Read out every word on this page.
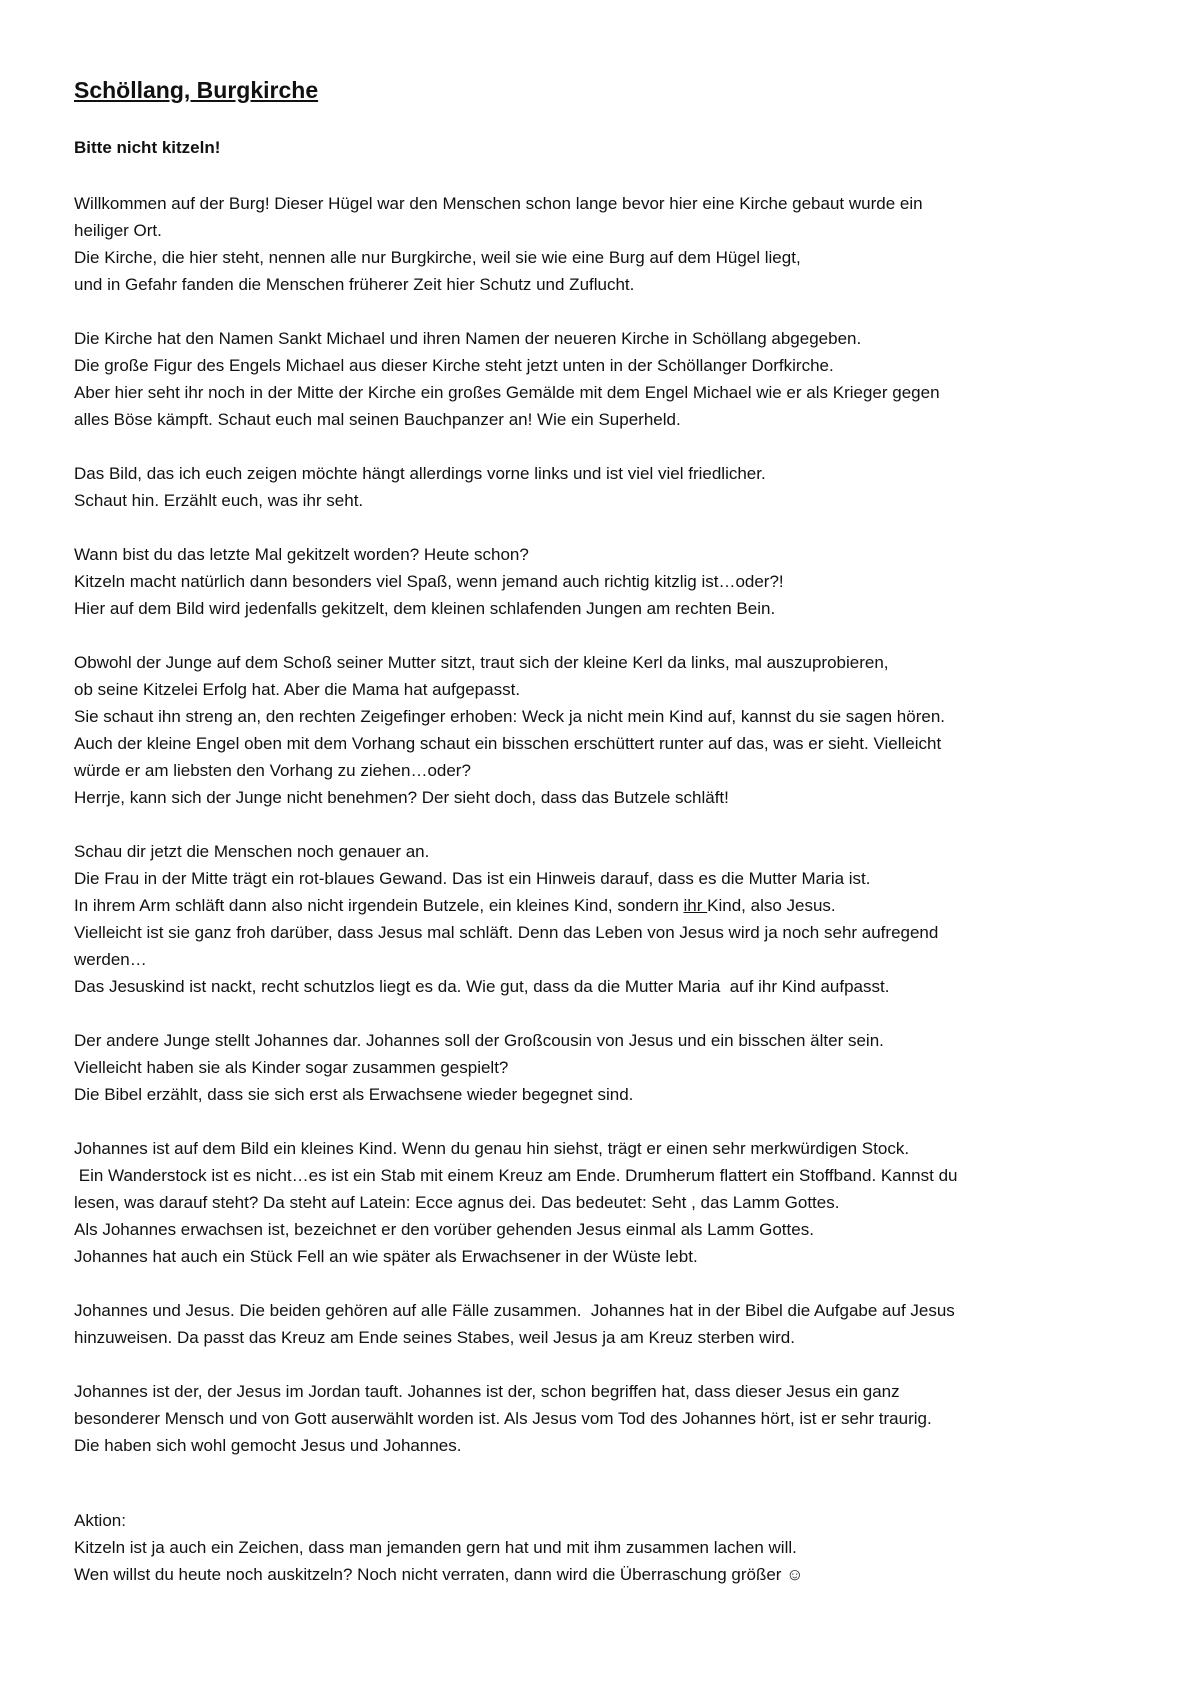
Schöllang, Burgkirche
Bitte nicht kitzeln!
Willkommen auf der Burg! Dieser Hügel war den Menschen schon lange bevor hier eine Kirche gebaut wurde ein
heiliger Ort.
Die Kirche, die hier steht, nennen alle nur Burgkirche, weil sie wie eine Burg auf dem Hügel liegt,
und in Gefahr fanden die Menschen früherer Zeit hier Schutz und Zuflucht.
Die Kirche hat den Namen Sankt Michael und ihren Namen der neueren Kirche in Schöllang abgegeben.
Die große Figur des Engels Michael aus dieser Kirche steht jetzt unten in der Schöllanger Dorfkirche.
Aber hier seht ihr noch in der Mitte der Kirche ein großes Gemälde mit dem Engel Michael wie er als Krieger gegen
alles Böse kämpft. Schaut euch mal seinen Bauchpanzer an! Wie ein Superheld.
Das Bild, das ich euch zeigen möchte hängt allerdings vorne links und ist viel viel friedlicher.
Schaut hin. Erzählt euch, was ihr seht.
Wann bist du das letzte Mal gekitzelt worden? Heute schon?
Kitzeln macht natürlich dann besonders viel Spaß, wenn jemand auch richtig kitzlig ist…oder?!
Hier auf dem Bild wird jedenfalls gekitzelt, dem kleinen schlafenden Jungen am rechten Bein.
Obwohl der Junge auf dem Schoß seiner Mutter sitzt, traut sich der kleine Kerl da links, mal auszuprobieren,
ob seine Kitzelei Erfolg hat. Aber die Mama hat aufgepasst.
Sie schaut ihn streng an, den rechten Zeigefinger erhoben: Weck ja nicht mein Kind auf, kannst du sie sagen hören.
Auch der kleine Engel oben mit dem Vorhang schaut ein bisschen erschüttert runter auf das, was er sieht. Vielleicht
würde er am liebsten den Vorhang zu ziehen…oder?
Herrje, kann sich der Junge nicht benehmen? Der sieht doch, dass das Butzele schläft!
Schau dir jetzt die Menschen noch genauer an.
Die Frau in der Mitte trägt ein rot-blaues Gewand. Das ist ein Hinweis darauf, dass es die Mutter Maria ist.
In ihrem Arm schläft dann also nicht irgendein Butzele, ein kleines Kind, sondern ihr Kind, also Jesus.
Vielleicht ist sie ganz froh darüber, dass Jesus mal schläft. Denn das Leben von Jesus wird ja noch sehr aufregend
werden…
Das Jesuskind ist nackt, recht schutzlos liegt es da. Wie gut, dass da die Mutter Maria  auf ihr Kind aufpasst.
Der andere Junge stellt Johannes dar. Johannes soll der Großcousin von Jesus und ein bisschen älter sein.
Vielleicht haben sie als Kinder sogar zusammen gespielt?
Die Bibel erzählt, dass sie sich erst als Erwachsene wieder begegnet sind.
Johannes ist auf dem Bild ein kleines Kind. Wenn du genau hin siehst, trägt er einen sehr merkwürdigen Stock.
Ein Wanderstock ist es nicht…es ist ein Stab mit einem Kreuz am Ende. Drumherum flattert ein Stoffband. Kannst du
lesen, was darauf steht? Da steht auf Latein: Ecce agnus dei. Das bedeutet: Seht , das Lamm Gottes.
Als Johannes erwachsen ist, bezeichnet er den vorüber gehenden Jesus einmal als Lamm Gottes.
Johannes hat auch ein Stück Fell an wie später als Erwachsener in der Wüste lebt.
Johannes und Jesus. Die beiden gehören auf alle Fälle zusammen.  Johannes hat in der Bibel die Aufgabe auf Jesus
hinzuweisen. Da passt das Kreuz am Ende seines Stabes, weil Jesus ja am Kreuz sterben wird.
Johannes ist der, der Jesus im Jordan tauft. Johannes ist der, schon begriffen hat, dass dieser Jesus ein ganz
besonderer Mensch und von Gott auserwählt worden ist. Als Jesus vom Tod des Johannes hört, ist er sehr traurig.
Die haben sich wohl gemocht Jesus und Johannes.
Aktion:
Kitzeln ist ja auch ein Zeichen, dass man jemanden gern hat und mit ihm zusammen lachen will.
Wen willst du heute noch auskitzeln? Noch nicht verraten, dann wird die Überraschung größer ☺
